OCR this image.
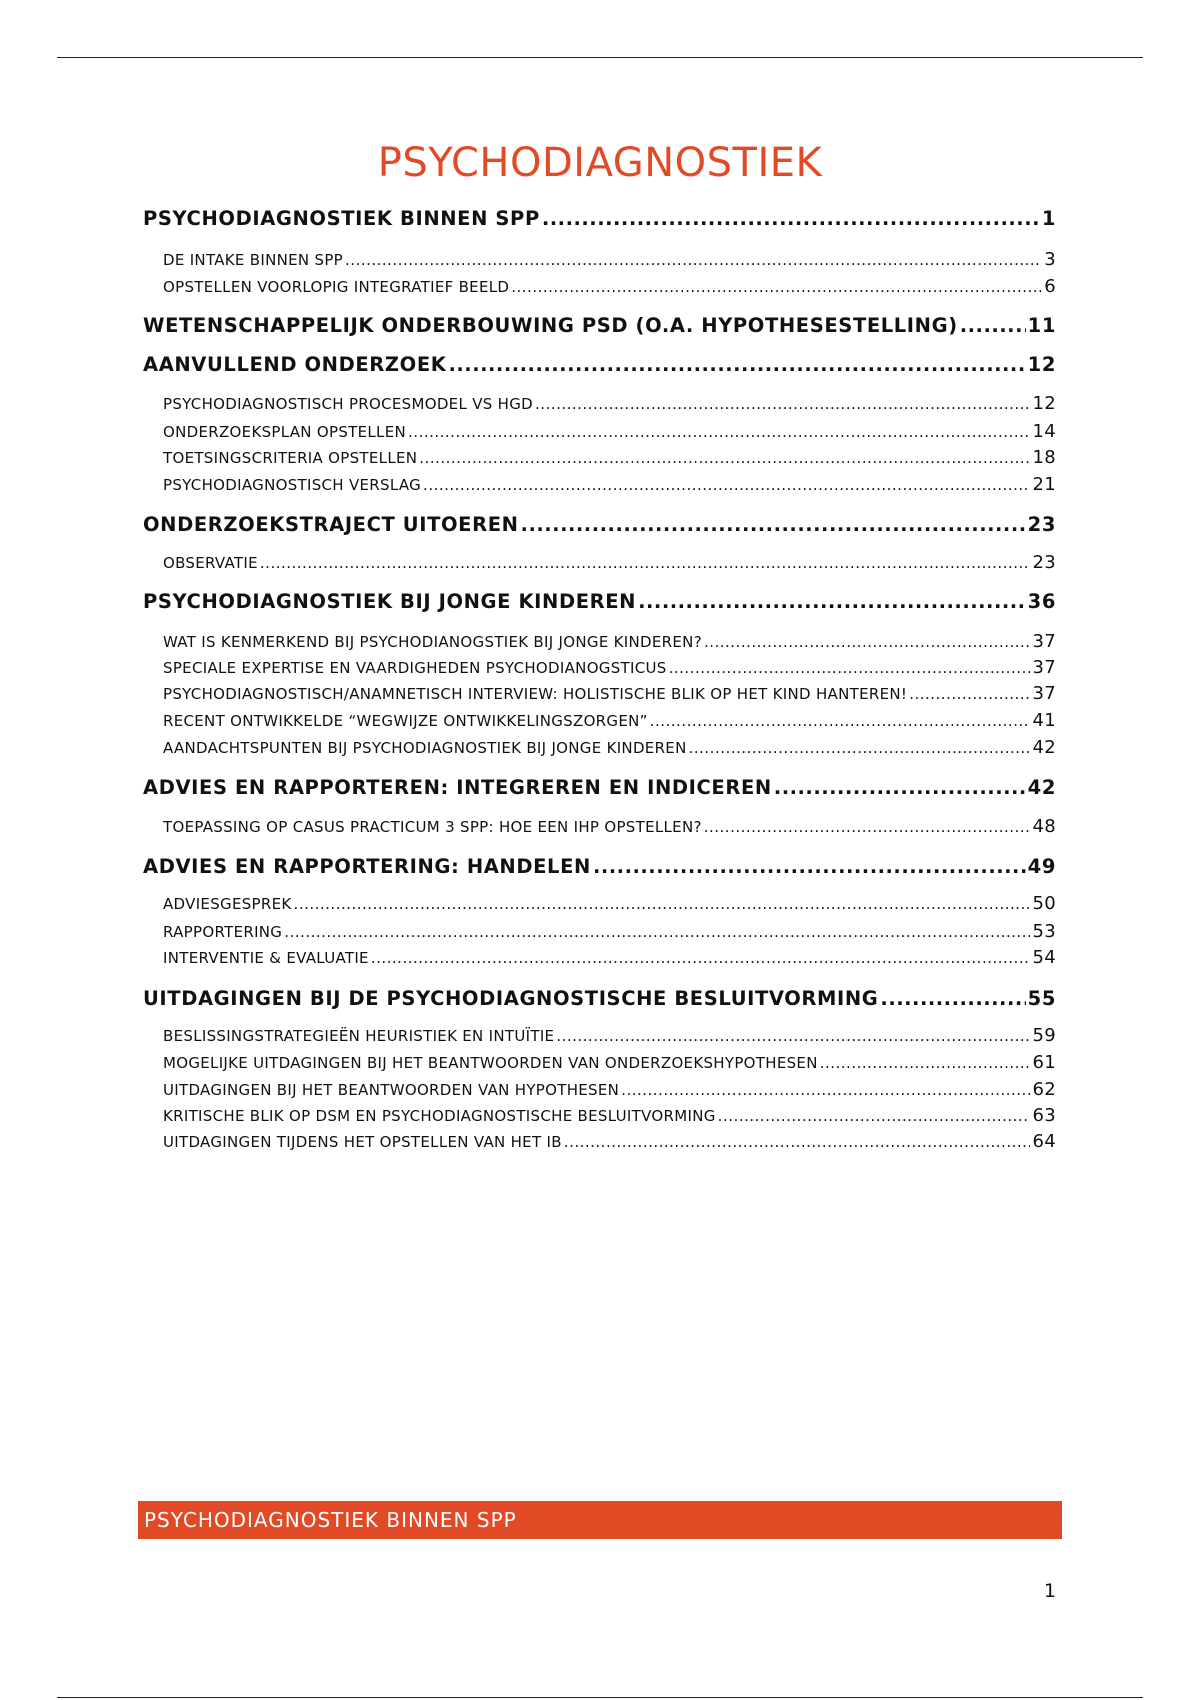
PSYCHODIAGNOSTIEK
PSYCHODIAGNOSTIEK BINNEN SPP .....	1
DE INTAKE BINNEN SPP .....	3
OPSTELLEN VOORLOPIG INTEGRATIEF BEELD .....	6
WETENSCHAPPELIJK ONDERBOUWING PSD (O.A. HYPOTHESESTELLING) .....	11
AANVULLEND ONDERZOEK .....	12
PSYCHODIAGNOSTISCH PROCESMODEL VS HGD .....	12
ONDERZOEKSPLAN OPSTELLEN .....	14
TOETSINGSCRITERIA OPSTELLEN .....	18
PSYCHODIAGNOSTISCH VERSLAG .....	21
ONDERZOEKSTRAJECT UITOEREN .....	23
OBSERVATIE .....	23
PSYCHODIAGNOSTIEK BIJ JONGE KINDEREN .....	36
WAT IS KENMERKEND BIJ PSYCHODIANOGSTIEK BIJ JONGE KINDEREN? .....	37
SPECIALE EXPERTISE EN VAARDIGHEDEN PSYCHODIANOGSTICUS .....	37
PSYCHODIAGNOSTISCH/ANAMNETISCH INTERVIEW: HOLISTISCHE BLIK OP HET KIND HANTEREN! .....	37
RECENT ONTWIKKELDE “WEGWIJZE ONTWIKKELINGSZORGEN” .....	41
AANDACHTSPUNTEN BIJ PSYCHODIAGNOSTIEK BIJ JONGE KINDEREN .....	42
ADVIES EN RAPPORTEREN: INTEGREREN EN INDICEREN .....	42
TOEPASSING OP CASUS PRACTICUM 3 SPP: HOE EEN IHP OPSTELLEN? .....	48
ADVIES EN RAPPORTERING: HANDELEN .....	49
ADVIESGESPREK .....	50
RAPPORTERING .....	53
INTERVENTIE & EVALUATIE .....	54
UITDAGINGEN BIJ DE PSYCHODIAGNOSTISCHE BESLUITVORMING .....	55
BESLISSINGSTRATEGIEËN HEURISTIEK EN INTUÏTIE .....	59
MOGELIJKE UITDAGINGEN BIJ HET BEANTWOORDEN VAN ONDERZOEKSHYPOTHESEN .....	61
UITDAGINGEN BIJ HET BEANTWOORDEN VAN HYPOTHESEN .....	62
KRITISCHE BLIK OP DSM EN PSYCHODIAGNOSTISCHE BESLUITVORMING .....	63
UITDAGINGEN TIJDENS HET OPSTELLEN VAN HET IB .....	64
PSYCHODIAGNOSTIEK BINNEN SPP
1
